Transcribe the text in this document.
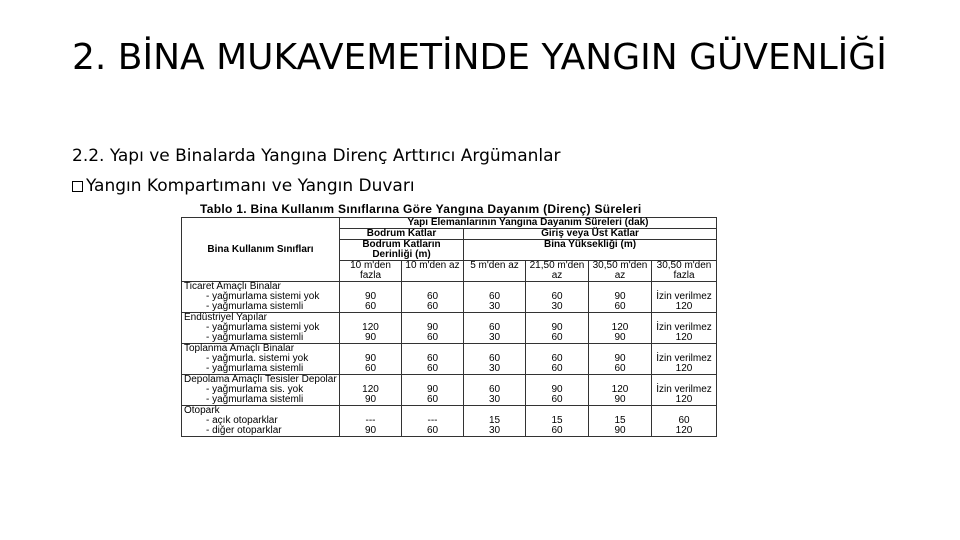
2. BİNA MUKAVEMETİNDE YANGIN GÜVENLİĞİ
2.2. Yapı ve Binalarda Yangına Direnç Arttırıcı Argümanlar
Yangın Kompartımanı ve Yangın Duvarı
Tablo 1. Bina Kullanım Sınıflarına Göre Yangına Dayanım (Direnç) Süreleri
Bina Kullanım Sınıfları	Yapı Elemanlarının Yangına Dayanım Süreleri (dak)					
	Bodrum Katlar		Giriş veya Üst Katlar			
	Bodrum Katların Derinliği (m)		Bina Yüksekliği (m)			
	10 m'den fazla	10 m'den az	5 m'den az	21,50 m'den az	30,50 m'den az	30,50 m'den fazla
Ticaret Amaçlı Binalar						
- yağmurlama sistemi yok	90	60	60	60	90	İzin verilmez
- yağmurlama sistemli	60	60	30	30	60	120
Endüstriyel Yapılar						
- yağmurlama sistemi yok	120	90	60	90	120	İzin verilmez
- yağmurlama sistemli	90	60	30	60	90	120
Toplanma Amaçlı Binalar						
- yağmurla. sistemi yok	90	60	60	60	90	İzin verilmez
- yağmurlama sistemli	60	60	30	60	60	120
Depolama Amaçlı Tesisler Depolar						
- yağmurlama sis. yok	120	90	60	90	120	İzin verilmez
- yağmurlama sistemli	90	60	30	60	90	120
Otopark						
- açık otoparklar	---	---	15	15	15	60
- diğer otoparklar	90	60	30	60	90	120
